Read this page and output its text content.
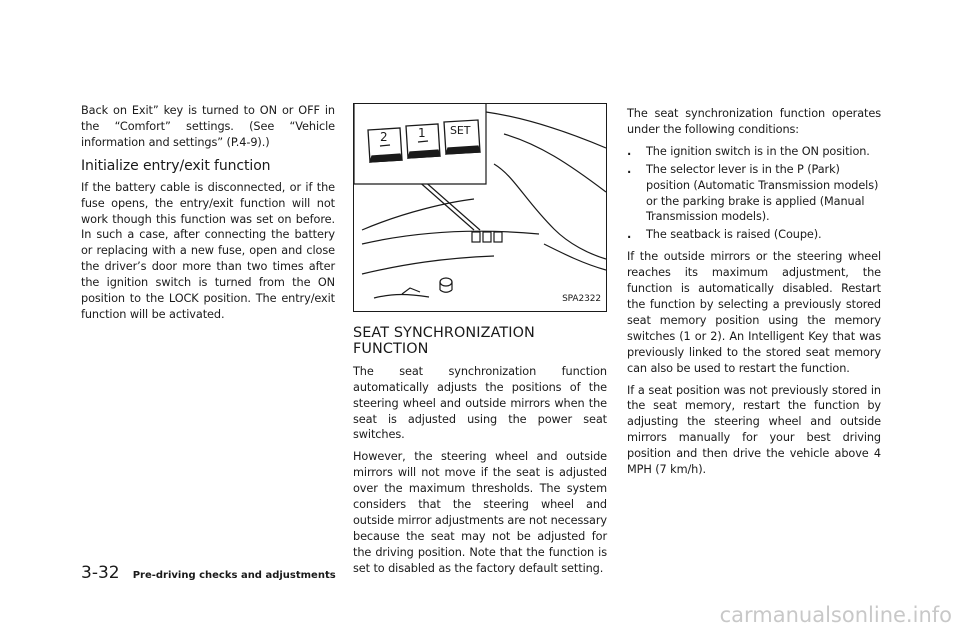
Back on Exit” key is turned to ON or OFF in the “Comfort” settings. (See “Vehicle information and settings” (P.4-9).)

Initialize entry/exit function

If the battery cable is disconnected, or if the fuse opens, the entry/exit function will not work though this function was set on before. In such a case, after connecting the battery or replacing with a new fuse, open and close the driver’s door more than two times after the ignition switch is turned from the ON position to the LOCK position. The entry/exit function will be activated.

2	1 SET
SPA2322
SEAT SYNCHRONIZATION FUNCTION

The seat synchronization function automatically adjusts the positions of the steering wheel and outside mirrors when the seat is adjusted using the power seat switches.

However, the steering wheel and outside mirrors will not move if the seat is adjusted over the maximum thresholds. The system considers that the steering wheel and outside mirror adjustments are not necessary because the seat may not be adjusted for the driving position. Note that the function is set to disabled as the factory default setting.

The seat synchronization function operates under the following conditions:

. The ignition switch is in the ON position.
. The selector lever is in the P (Park) position (Automatic Transmission models) or the parking brake is applied (Manual Transmission models).
. The seatback is raised (Coupe).

If the outside mirrors or the steering wheel reaches its maximum adjustment, the function is automatically disabled. Restart the function by selecting a previously stored seat memory position using the memory switches (1 or 2). An Intelligent Key that was previously linked to the stored seat memory can also be used to restart the function.

If a seat position was not previously stored in the seat memory, restart the function by adjusting the steering wheel and outside mirrors manually for your best driving position and then drive the vehicle above 4 MPH (7 km/h).

3-32 Pre-driving checks and adjustments
carmanualsonline.info
